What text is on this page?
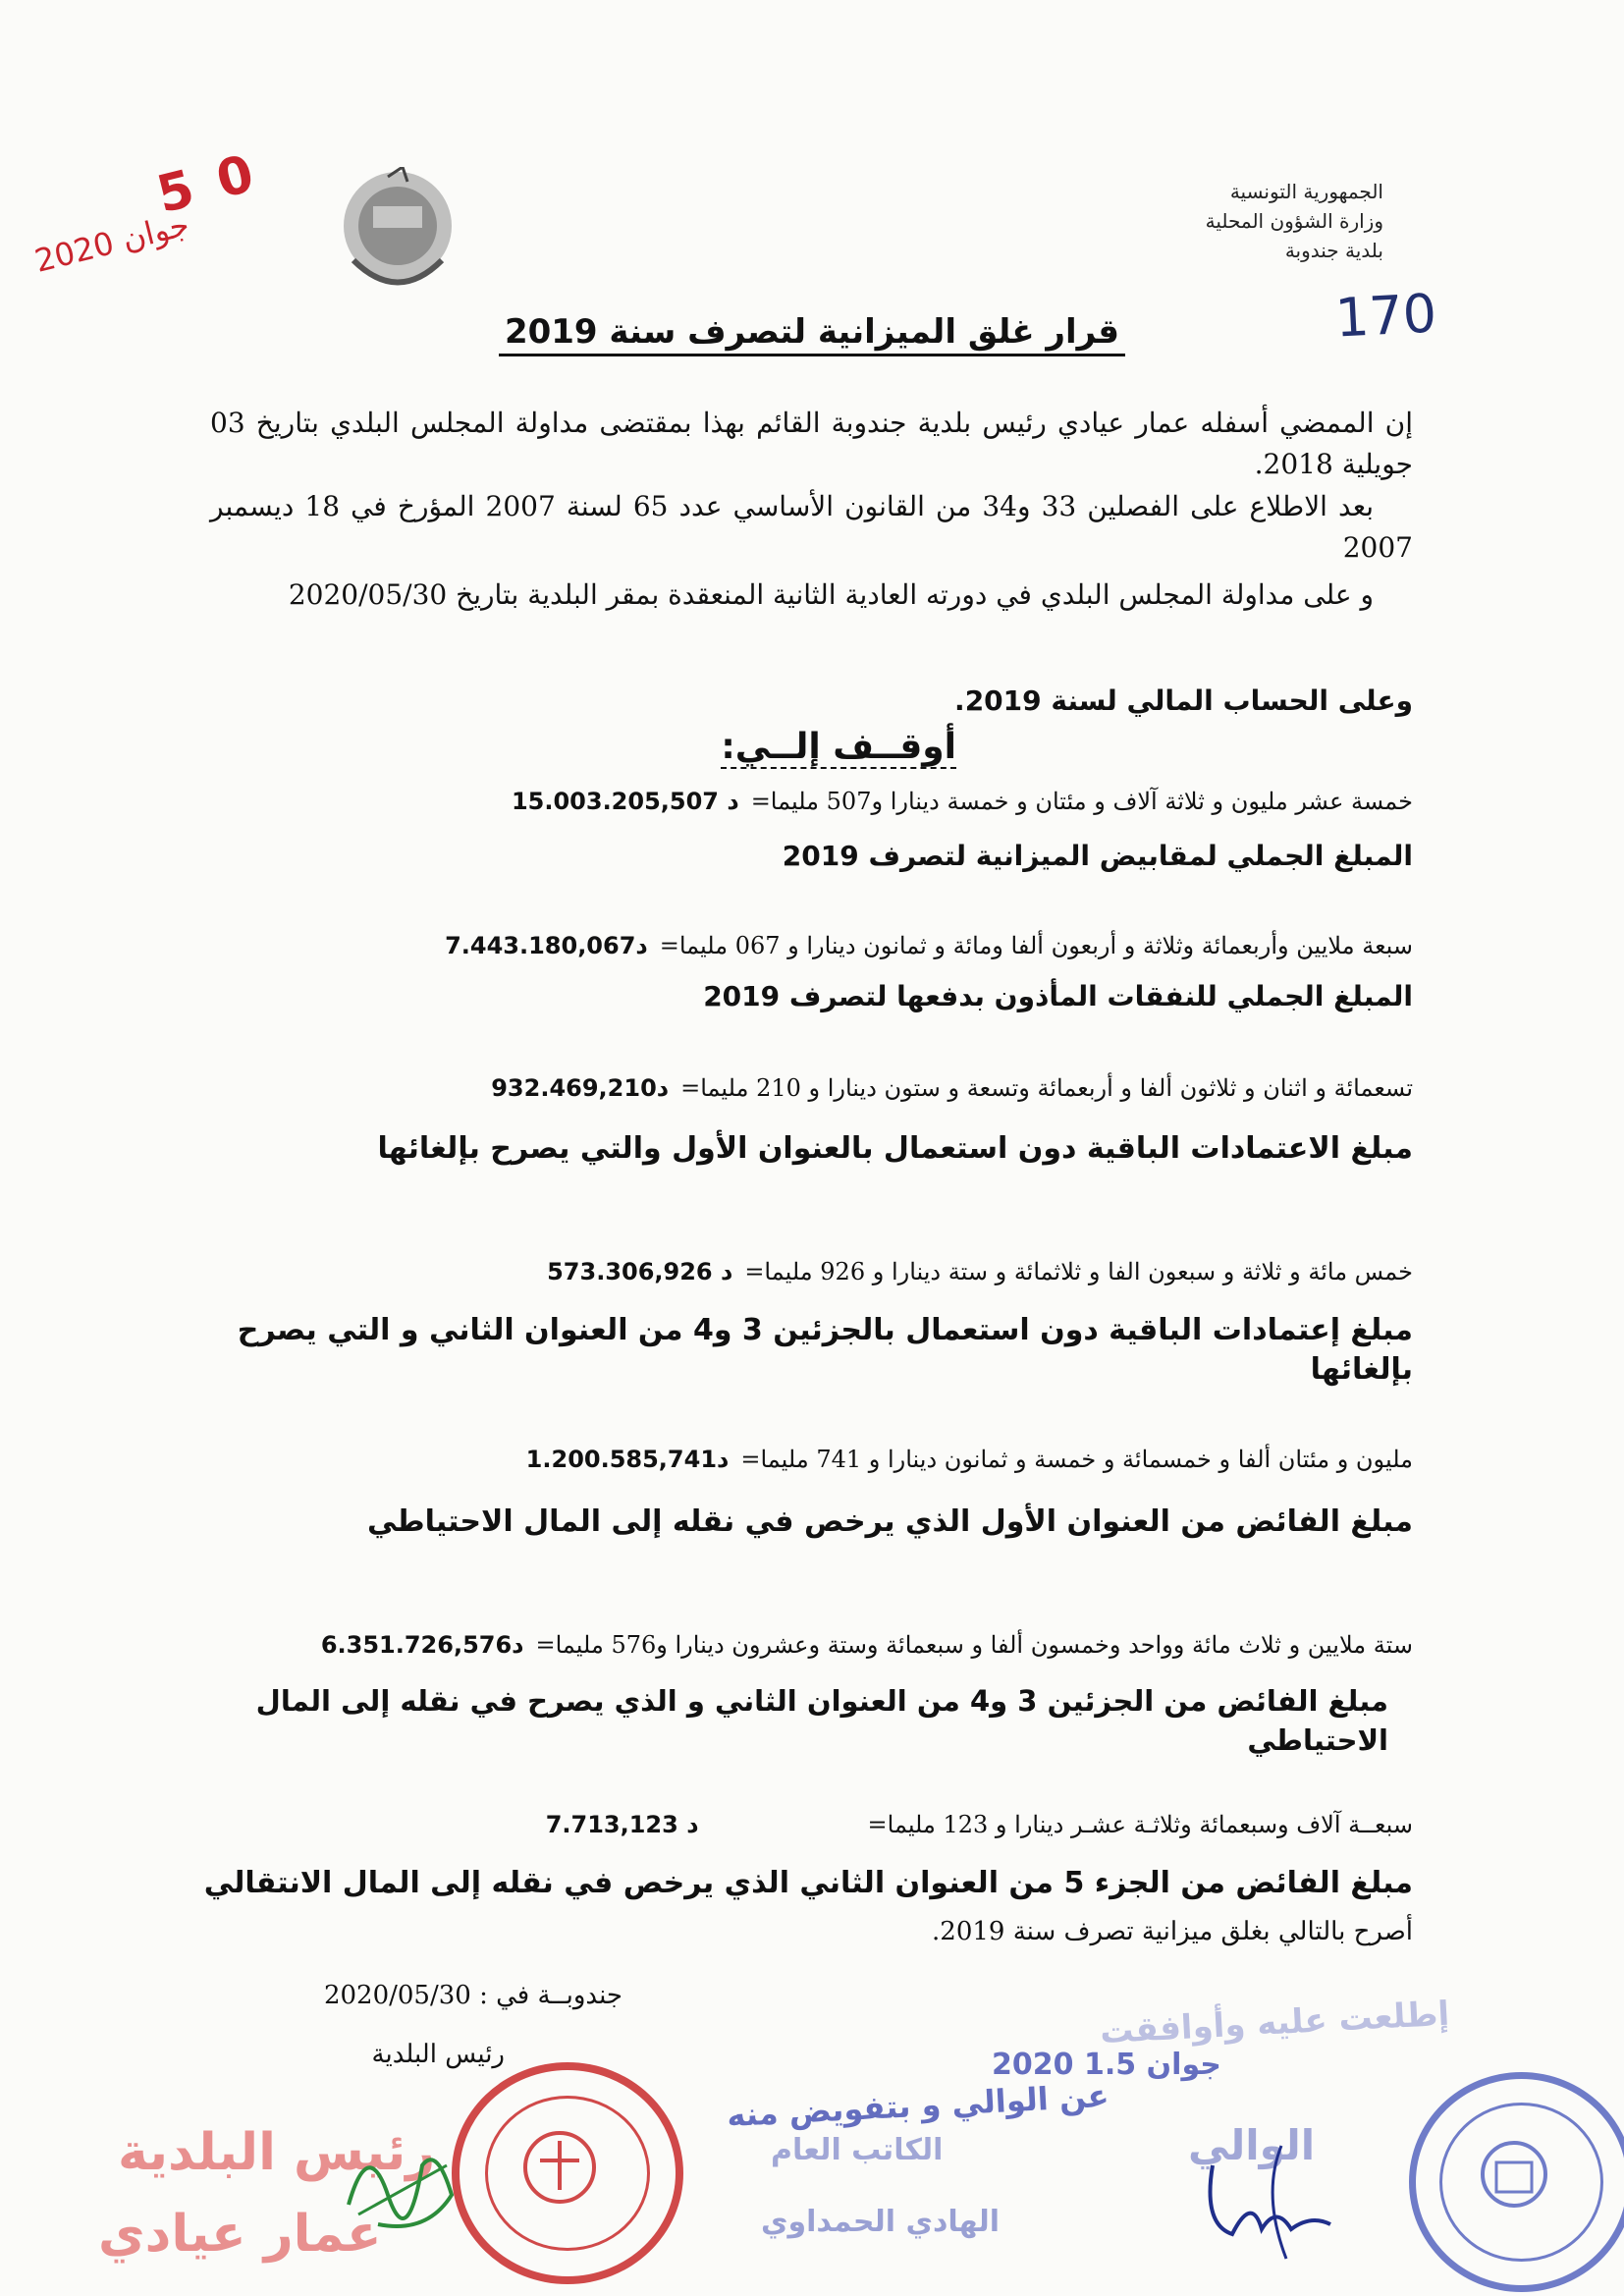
الجمهورية التونسية
وزارة الشؤون المحلية
بلدية جندوبة
0 5
جوان 2020
170
قرار غلق الميزانية لتصرف سنة 2019
إن الممضي أسفله عمار عيادي رئيس بلدية جندوبة القائم بهذا بمقتضى مداولة المجلس البلدي بتاريخ 03 جويلية 2018.
بعد الاطلاع على الفصلين 33 و34 من القانون الأساسي عدد 65 لسنة 2007 المؤرخ في 18 ديسمبر 2007
و على مداولة المجلس البلدي في دورته العادية الثانية المنعقدة بمقر البلدية بتاريخ 2020/05/30
وعلى الحساب المالي لسنة 2019.
أوقــف إلــي:
خمسة عشر مليون و ثلاثة آلاف و مئتان و خمسة دينارا و507 مليما=
15.003.205,507 د
المبلغ الجملي لمقابيض الميزانية لتصرف 2019
سبعة ملايين وأربعمائة وثلاثة و أربعون ألفا ومائة و ثمانون دينارا و 067 مليما=
7.443.180,067د
المبلغ الجملي للنفقات المأذون بدفعها لتصرف 2019
تسعمائة و اثنان و ثلاثون ألفا و أربعمائة وتسعة و ستون دينارا و 210 مليما=
932.469,210د
مبلغ الاعتمادات الباقية دون استعمال بالعنوان الأول والتي يصرح بإلغائها
خمس مائة و ثلاثة و سبعون الفا و ثلاثمائة و ستة دينارا و 926 مليما=
573.306,926 د
مبلغ إعتمادات الباقية دون استعمال بالجزئين 3 و4 من العنوان الثاني و التي يصرح بإلغائها
مليون و مئتان ألفا و خمسمائة و خمسة و ثمانون دينارا و 741 مليما=
1.200.585,741د
مبلغ الفائض من العنوان الأول الذي يرخص في نقله إلى المال الاحتياطي
ستة ملايين و ثلاث مائة وواحد وخمسون ألفا و سبعمائة وستة وعشرون دينارا و576 مليما=
6.351.726,576د
مبلغ الفائض من الجزئين 3 و4 من العنوان الثاني و الذي يصرح في نقله إلى المال الاحتياطي
سبعــة آلاف وسبعمائة وثلاثـة عشـر دينارا و 123 مليما=
7.713,123 د
مبلغ الفائض من الجزء 5 من العنوان الثاني الذي يرخص في نقله إلى المال الانتقالي
أصرح بالتالي بغلق ميزانية تصرف سنة 2019.
جندوبــة في : 2020/05/30
رئيس البلدية
رئيس البلدية
عمار عيادي
إطلعت عليه وأوافقت
2020 جوان 1.5
عن الوالي و بتفويض منه
الكاتب العام
الهادي الحمداوي
الوالي
